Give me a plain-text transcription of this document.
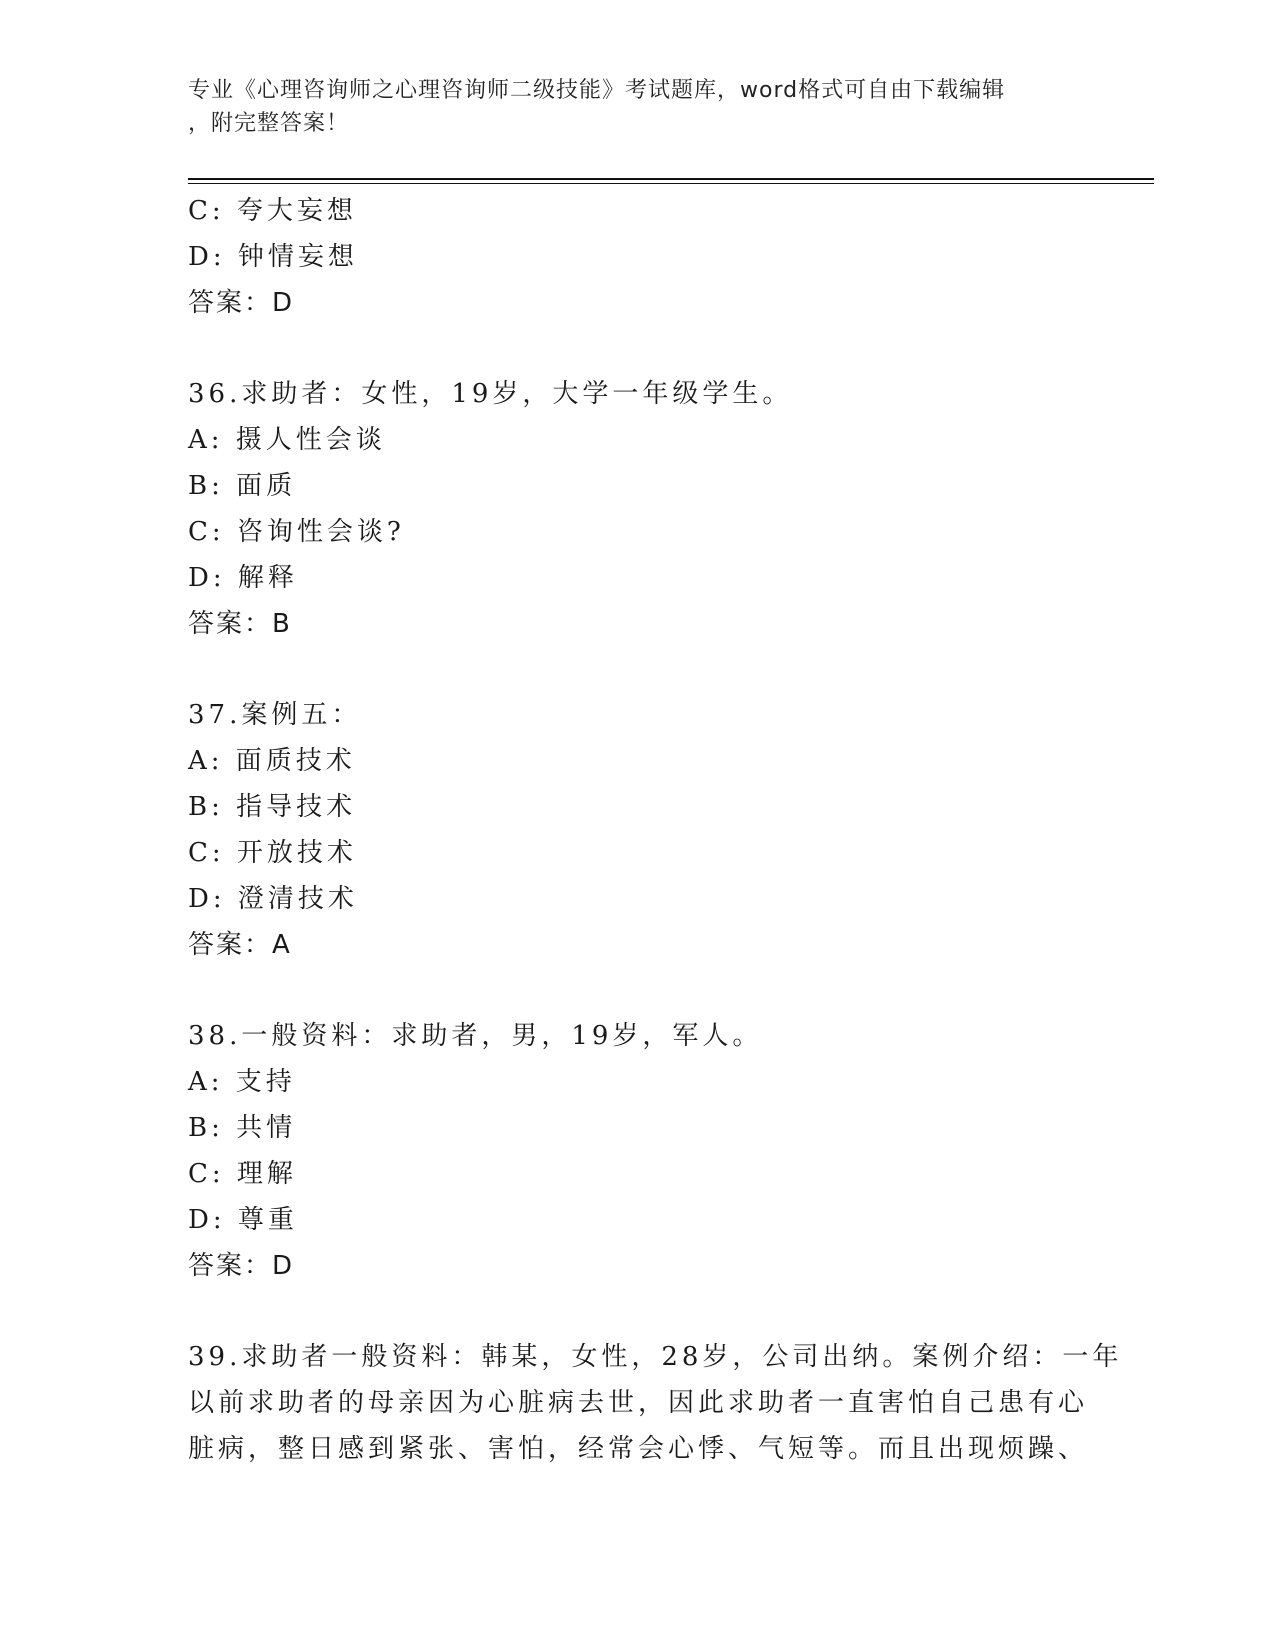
专业《心理咨询师之心理咨询师二级技能》考试题库，word格式可自由下载编辑
，附完整答案！
C: 夸大妄想
D: 钟情妄想
答案：D
36.求助者：女性，19岁，大学一年级学生。
A: 摄人性会谈
B: 面质
C: 咨询性会谈?
D: 解释
答案：B
37.案例五：
A: 面质技术
B: 指导技术
C: 开放技术
D: 澄清技术
答案：A
38.一般资料：求助者，男，19岁，军人。
A: 支持
B: 共情
C: 理解
D: 尊重
答案：D
39.求助者一般资料：韩某，女性，28岁，公司出纳。案例介绍：一年
以前求助者的母亲因为心脏病去世，因此求助者一直害怕自己患有心
脏病，整日感到紧张、害怕，经常会心悸、气短等。而且出现烦躁、
